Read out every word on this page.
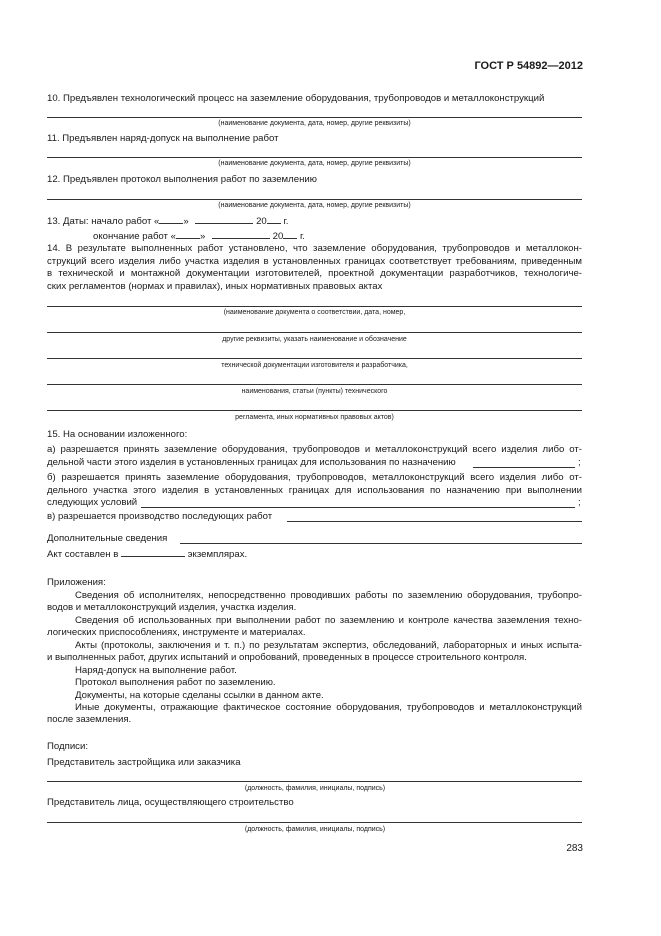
ГОСТ Р 54892—2012
10. Предъявлен технологический процесс на заземление оборудования, трубопроводов и металлоконструкций
(наименование документа, дата, номер, другие реквизиты)
11. Предъявлен наряд-допуск на выполнение работ
(наименование документа, дата, номер, другие реквизиты)
12. Предъявлен протокол выполнения работ по заземлению
(наименование документа, дата, номер, другие реквизиты)
13. Даты: начало работ «	»	20 г.
окончание работ «	»	20 г.
14. В результате выполненных работ установлено, что заземление оборудования, трубопроводов и металлокон-
струкций всего изделия либо участка изделия в установленных границах соответствует требованиям, приведенным
в технической и монтажной документации изготовителей, проектной документации разработчиков, технологиче-
ских регламентов (нормах и правилах), иных нормативных правовых актах
(наименование документа о соответствии, дата, номер,
другие реквизиты, указать наименование и обозначение
технической документации изготовителя и разработчика,
наименования, статьи (пункты) технического
регламента, иных нормативных правовых актов)
15. На основании изложенного:
а) разрешается принять заземление оборудования, трубопроводов и металлоконструкций всего изделия либо от-
дельной части этого изделия в установленных границах для использования по назначению	;
б) разрешается принять заземление оборудования, трубопроводов, металлоконструкций всего изделия либо от-
дельного участка этого изделия в установленных границах для использования по назначению при выполнении
следующих условий	;
в) разрешается производство последующих работ
Дополнительные сведения
Акт составлен в	экземплярах.
Приложения:
Сведения об исполнителях, непосредственно проводивших работы по заземлению оборудования, трубопро-
водов и металлоконструкций изделия, участка изделия.
Сведения об использованных при выполнении работ по заземлению и контроле качества заземления техно-
логических приспособлениях, инструменте и материалах.
Акты (протоколы, заключения и т. п.) по результатам экспертиз, обследований, лабораторных и иных испыта-
и выполненных работ, других испытаний и опробований, проведенных в процессе строительного контроля.
Наряд-допуск на выполнение работ.
Протокол выполнения работ по заземлению.
Документы, на которые сделаны ссылки в данном акте.
Иные документы, отражающие фактическое состояние оборудования, трубопроводов и металлоконструкций
после заземления.
Подписи:
Представитель застройщика или заказчика
(должность, фамилия, инициалы, подпись)
Представитель лица, осуществляющего строительство
(должность, фамилия, инициалы, подпись)
283
